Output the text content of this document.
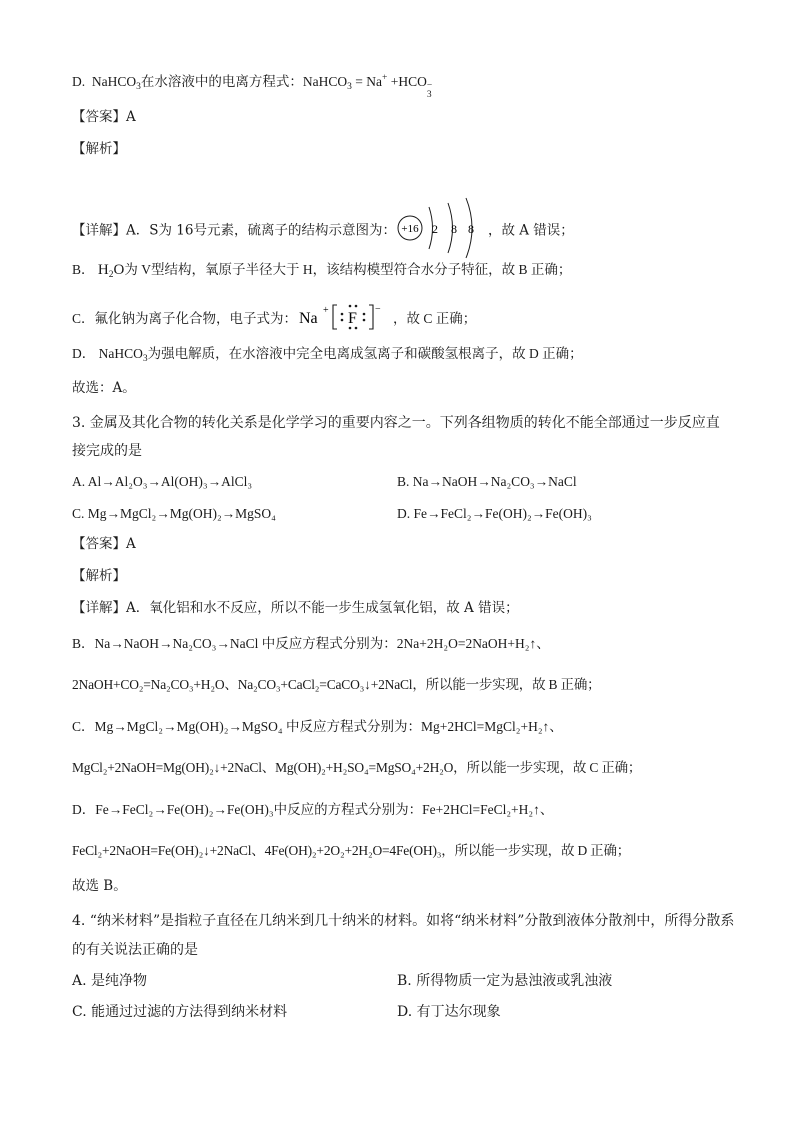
D. NaHCO$_3$在水溶液中的电离方程式：NaHCO$_3$ = Na+ +HCO −
3
【答案】A
【解析】
【详解】A．S为 16号元素，硫离子的结构示意图为： +16 2 8 8 ，故 A 错误；
B． $H_2O$为 V型结构，氧原子半径大于 H，该结构模型符合水分子特征，故 B 正确；
C．氟化钠为离子化合物，电子式为： Na + F
−
，故 C 正确；
D． NaHCO$_3$为强电解质，在水溶液中完全电离成氢离子和碳酸氢根离子，故 D 正确；
故选：A。
3. 金属及其化合物的转化关系是化学学习的重要内容之一。下列各组物质的转化不能全部通过一步反应直
接完成的是
A. Al→Al₂O₃→Al(OH)₃→AlCl₃	B. Na→NaOH→Na₂CO₃→NaCl
C. Mg→MgCl₂→Mg(OH)₂→MgSO₄	D. Fe→FeCl₂→Fe(OH)₂→Fe(OH)₃
【答案】A
【解析】
【详解】A．氧化铝和水不反应，所以不能一步生成氢氧化铝，故 A 错误；
B．Na→NaOH→Na₂CO₃→NaCl 中反应方程式分别为：2Na+2H₂O=2NaOH+H₂↑、
2NaOH+CO₂=Na₂CO₃+H₂O、Na₂CO₃+CaCl₂=CaCO₃↓+2NaCl，所以能一步实现，故 B 正确；
C．Mg→MgCl₂→Mg(OH)₂→MgSO₄ 中反应方程式分别为：Mg+2HCl=MgCl₂+H₂↑、
MgCl₂+2NaOH=Mg(OH)₂↓+2NaCl、Mg(OH)₂+H₂SO₄=MgSO₄+2H₂O，所以能一步实现，故 C 正确；
D．Fe→FeCl₂→Fe(OH)₂→Fe(OH)₃中反应的方程式分别为：Fe+2HCl=FeCl₂+H₂↑、
FeCl₂+2NaOH=Fe(OH)₂↓+2NaCl、4Fe(OH)₂+2O₂+2H₂O=4Fe(OH)₃，所以能一步实现，故 D 正确；
故选 B。
4. “纳米材料”是指粒子直径在几纳米到几十纳米的材料。如将“纳米材料”分散到液体分散剂中，所得分散系
的有关说法正确的是
A. 是纯净物	B. 所得物质一定为悬浊液或乳浊液
C. 能通过过滤的方法得到纳米材料	D. 有丁达尔现象
